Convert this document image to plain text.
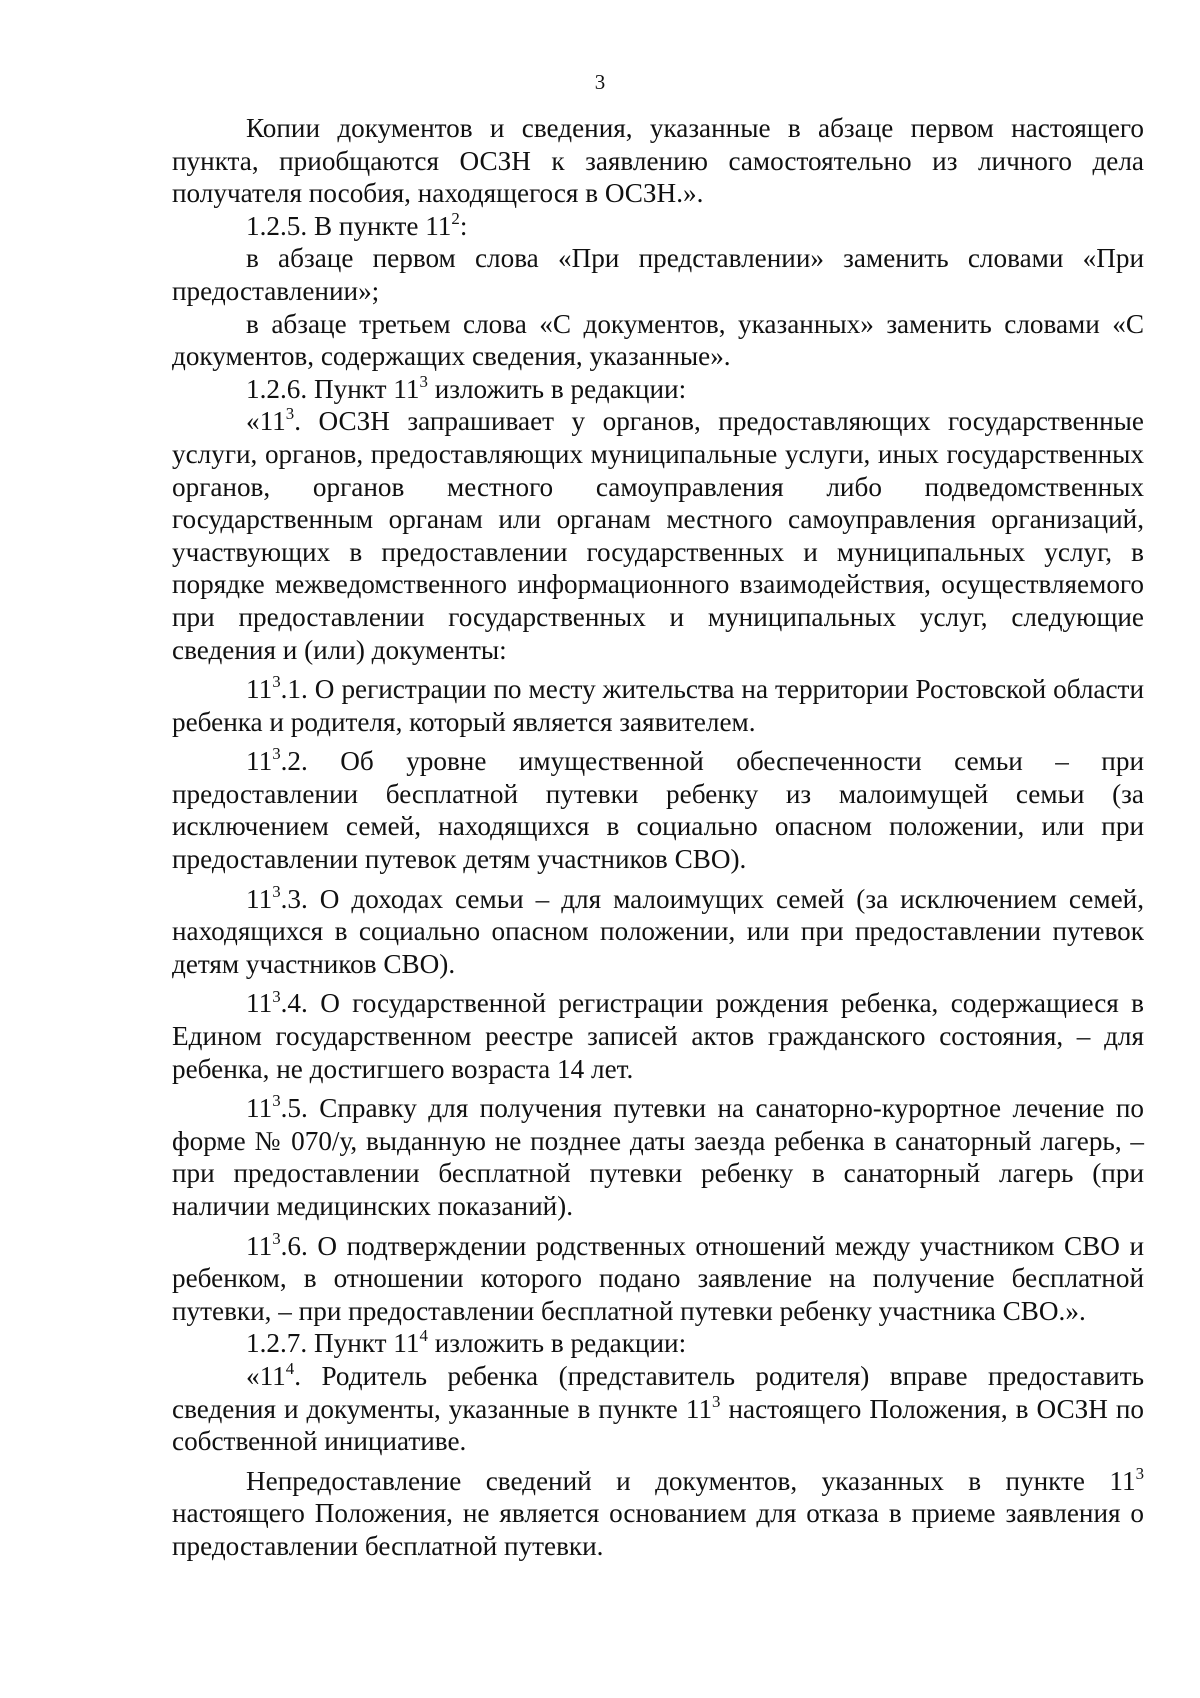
3

Копии документов и сведения, указанные в абзаце первом настоящего пункта, приобщаются ОСЗН к заявлению самостоятельно из личного дела получателя пособия, находящегося в ОСЗН.».

1.2.5. В пункте $11^2$:

в абзаце первом слова «При представлении» заменить словами «При предоставлении»;

в абзаце третьем слова «С документов, указанных» заменить словами «С документов, содержащих сведения, указанные».

1.2.6. Пункт $11^3$ изложить в редакции:

«$11^3$. ОСЗН запрашивает у органов, предоставляющих государственные услуги, органов, предоставляющих муниципальные услуги, иных государственных органов, органов местного самоуправления либо подведомственных государственным органам или органам местного самоуправления организаций, участвующих в предоставлении государственных и муниципальных услуг, в порядке межведомственного информационного взаимодействия, осуществляемого при предоставлении государственных и муниципальных услуг, следующие сведения и (или) документы:

$11^3.1$. О регистрации по месту жительства на территории Ростовской области ребенка и родителя, который является заявителем.

$11^3.2$. Об уровне имущественной обеспеченности семьи – при предоставлении бесплатной путевки ребенку из малоимущей семьи (за исключением семей, находящихся в социально опасном положении, или при предоставлении путевок детям участников СВО).

$11^3.3$. О доходах семьи – для малоимущих семей (за исключением семей, находящихся в социально опасном положении, или при предоставлении путевок детям участников СВО).

$11^3.4$. О государственной регистрации рождения ребенка, содержащиеся в Едином государственном реестре записей актов гражданского состояния, – для ребенка, не достигшего возраста 14 лет.

$11^3.5$. Справку для получения путевки на санаторно-курортное лечение по форме № 070/у, выданную не позднее даты заезда ребенка в санаторный лагерь, – при предоставлении бесплатной путевки ребенку в санаторный лагерь (при наличии медицинских показаний).

$11^3.6$. О подтверждении родственных отношений между участником СВО и ребенком, в отношении которого подано заявление на получение бесплатной путевки, – при предоставлении бесплатной путевки ребенку участника СВО.».

1.2.7. Пункт $11^4$ изложить в редакции:

«$11^4$. Родитель ребенка (представитель родителя) вправе предоставить сведения и документы, указанные в пункте $11^3$ настоящего Положения, в ОСЗН по собственной инициативе.

Непредоставление сведений и документов, указанных в пункте $11^3$ настоящего Положения, не является основанием для отказа в приеме заявления о предоставлении бесплатной путевки.
